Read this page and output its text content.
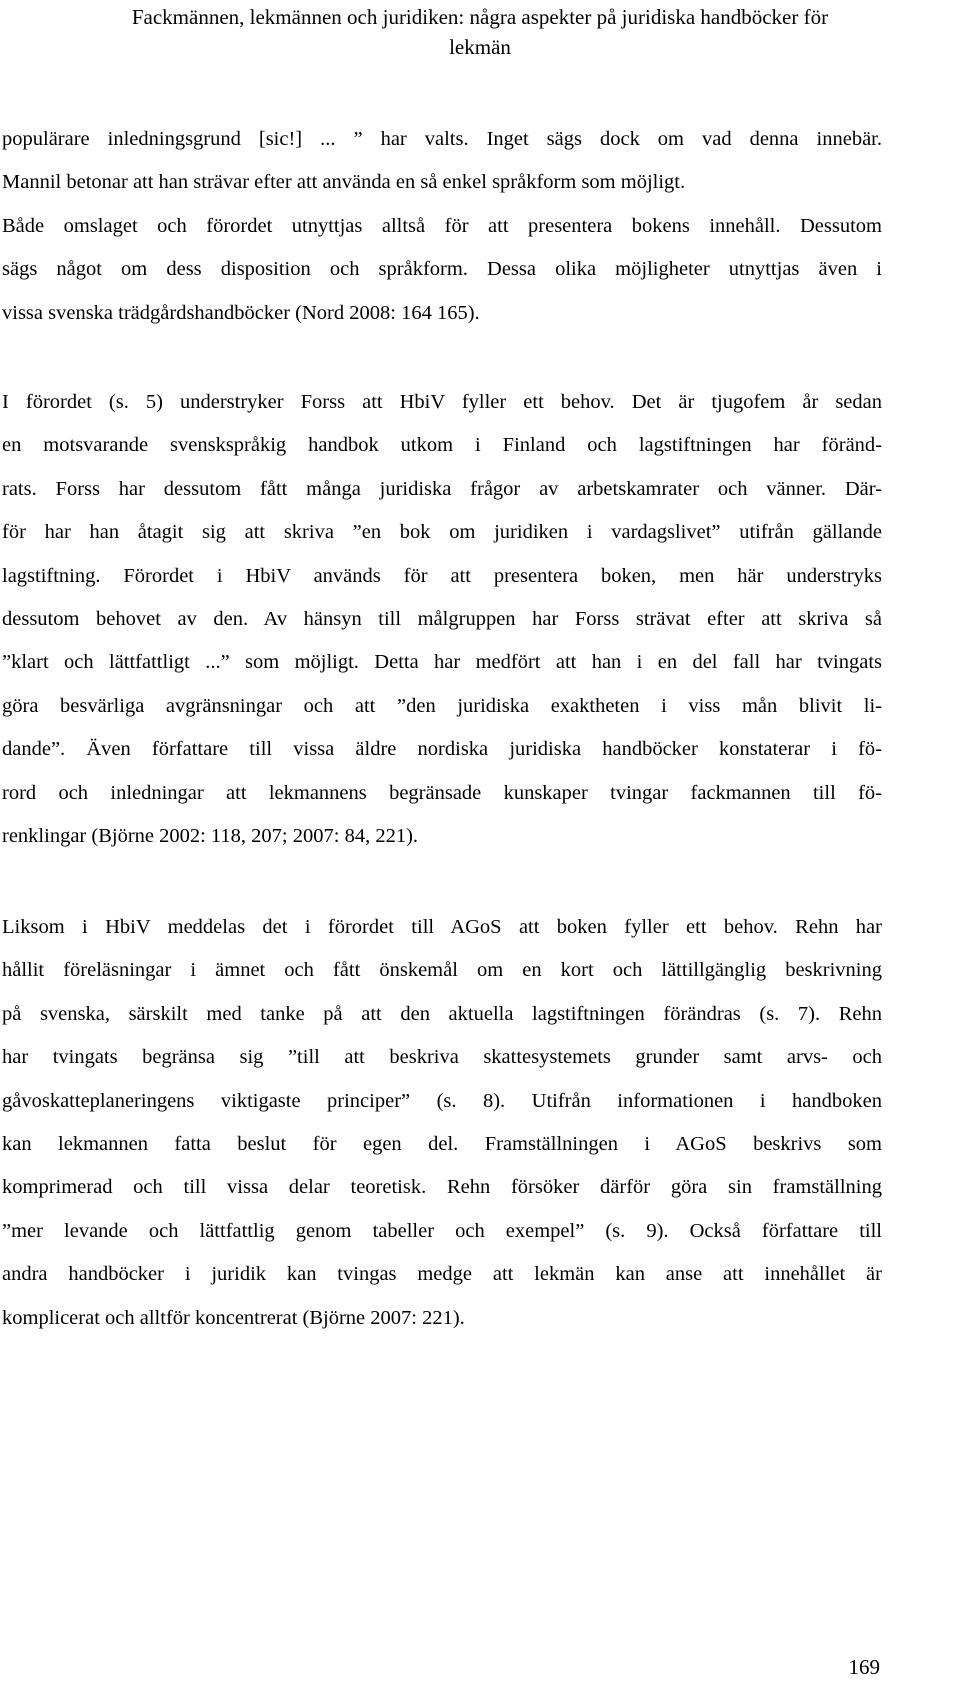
Fackmännen, lekmännen och juridiken: några aspekter på juridiska handböcker för
lekmän

populärare inledningsgrund [sic!] ... ” har valts. Inget sägs dock om vad denna innebär.
Mannil betonar att han strävar efter att använda en så enkel språkform som möjligt.
Både omslaget och förordet utnyttjas alltså för att presentera bokens innehåll. Dessutom
sägs något om dess disposition och språkform. Dessa olika möjligheter utnyttjas även i
vissa svenska trädgårdshandböcker (Nord 2008: 164 165).

I förordet (s. 5) understryker Forss att HbiV fyller ett behov. Det är tjugofem år sedan
en motsvarande svenskspråkig handbok utkom i Finland och lagstiftningen har föränd-
rats. Forss har dessutom fått många juridiska frågor av arbetskamrater och vänner. Där-
för har han åtagit sig att skriva ”en bok om juridiken i vardagslivet” utifrån gällande
lagstiftning. Förordet i HbiV används för att presentera boken, men här understryks
dessutom behovet av den. Av hänsyn till målgruppen har Forss strävat efter att skriva så
”klart och lättfattligt ...” som möjligt. Detta har medfört att han i en del fall har tvingats
göra besvärliga avgränsningar och att ”den juridiska exaktheten i viss mån blivit li-
dande”. Även författare till vissa äldre nordiska juridiska handböcker konstaterar i fö-
rord och inledningar att lekmannens begränsade kunskaper tvingar fackmannen till fö-
renklingar (Björne 2002: 118, 207; 2007: 84, 221).

Liksom i HbiV meddelas det i förordet till AGoS att boken fyller ett behov. Rehn har
hållit föreläsningar i ämnet och fått önskemål om en kort och lättillgänglig beskrivning
på svenska, särskilt med tanke på att den aktuella lagstiftningen förändras (s. 7). Rehn
har tvingats begränsa sig ”till att beskriva skattesystemets grunder samt arvs- och
gåvoskatteplaneringens viktigaste principer” (s. 8). Utifrån informationen i handboken
kan lekmannen fatta beslut för egen del. Framställningen i AGoS beskrivs som
komprimerad och till vissa delar teoretisk. Rehn försöker därför göra sin framställning
”mer levande och lättfattlig genom tabeller och exempel” (s. 9). Också författare till
andra handböcker i juridik kan tvingas medge att lekmän kan anse att innehållet är
komplicerat och alltför koncentrerat (Björne 2007: 221).

169
